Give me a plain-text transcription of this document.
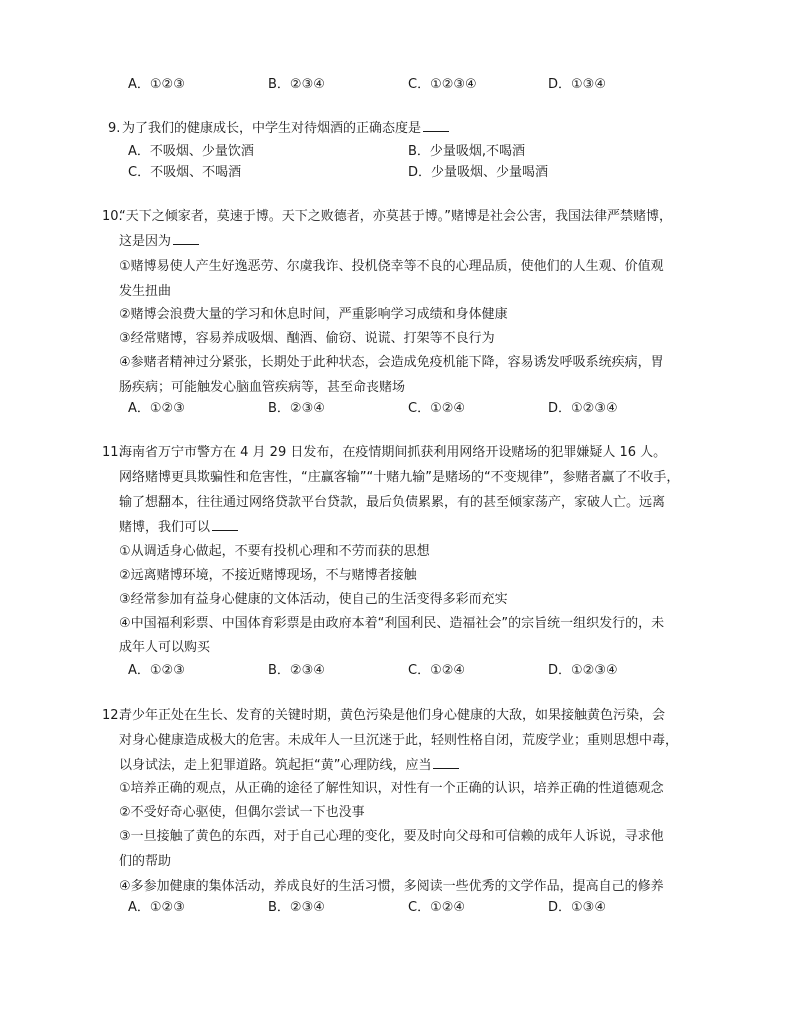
A．①②③	B．②③④	C．①②③④	D．①③④
9. 为了我们的健康成长，中学生对待烟酒的正确态度是
A．不吸烟、少量饮酒	B．少量吸烟,不喝酒
C．不吸烟、不喝酒	D．少量吸烟、少量喝酒
10.
“天下之倾家者，莫速于博。天下之败德者，亦莫甚于博。”赌博是社会公害，我国法律严禁赌博，
这是因为
①赌博易使人产生好逸恶劳、尔虞我诈、投机侥幸等不良的心理品质，使他们的人生观、价值观
发生扭曲
②赌博会浪费大量的学习和休息时间，严重影响学习成绩和身体健康
③经常赌博，容易养成吸烟、酗酒、偷窃、说谎、打架等不良行为
④参赌者精神过分紧张，长期处于此种状态，会造成免疫机能下降，容易诱发呼吸系统疾病，胃
肠疾病；可能触发心脑血管疾病等，甚至命丧赌场
A．①②③	B．②③④	C．①②④	D．①②③④
11.
海南省万宁市警方在 4 月 29 日发布，在疫情期间抓获利用网络开设赌场的犯罪嫌疑人 16 人。
网络赌博更具欺骗性和危害性，“庄赢客输”“十赌九输”是赌场的“不变规律”，参赌者赢了不收手，
输了想翻本，往往通过网络贷款平台贷款，最后负债累累，有的甚至倾家荡产，家破人亡。远离
赌博，我们可以
①从调适身心做起，不要有投机心理和不劳而获的思想
②远离赌博环境，不接近赌博现场，不与赌博者接触
③经常参加有益身心健康的文体活动，使自己的生活变得多彩而充实
④中国福利彩票、中国体育彩票是由政府本着“利国利民、造福社会”的宗旨统一组织发行的，未
成年人可以购买
A．①②③	B．②③④	C．①②④	D．①②③④
12.
青少年正处在生长、发育的关键时期，黄色污染是他们身心健康的大敌，如果接触黄色污染，会
对身心健康造成极大的危害。未成年人一旦沉迷于此，轻则性格自闭，荒废学业；重则思想中毒，
以身试法，走上犯罪道路。筑起拒“黄”心理防线，应当
①培养正确的观点，从正确的途径了解性知识，对性有一个正确的认识，培养正确的性道德观念
②不受好奇心驱使，但偶尔尝试一下也没事
③一旦接触了黄色的东西，对于自己心理的变化，要及时向父母和可信赖的成年人诉说，寻求他
们的帮助
④多参加健康的集体活动，养成良好的生活习惯，多阅读一些优秀的文学作品，提高自己的修养
A．①②③	B．②③④	C．①②④	D．①③④
